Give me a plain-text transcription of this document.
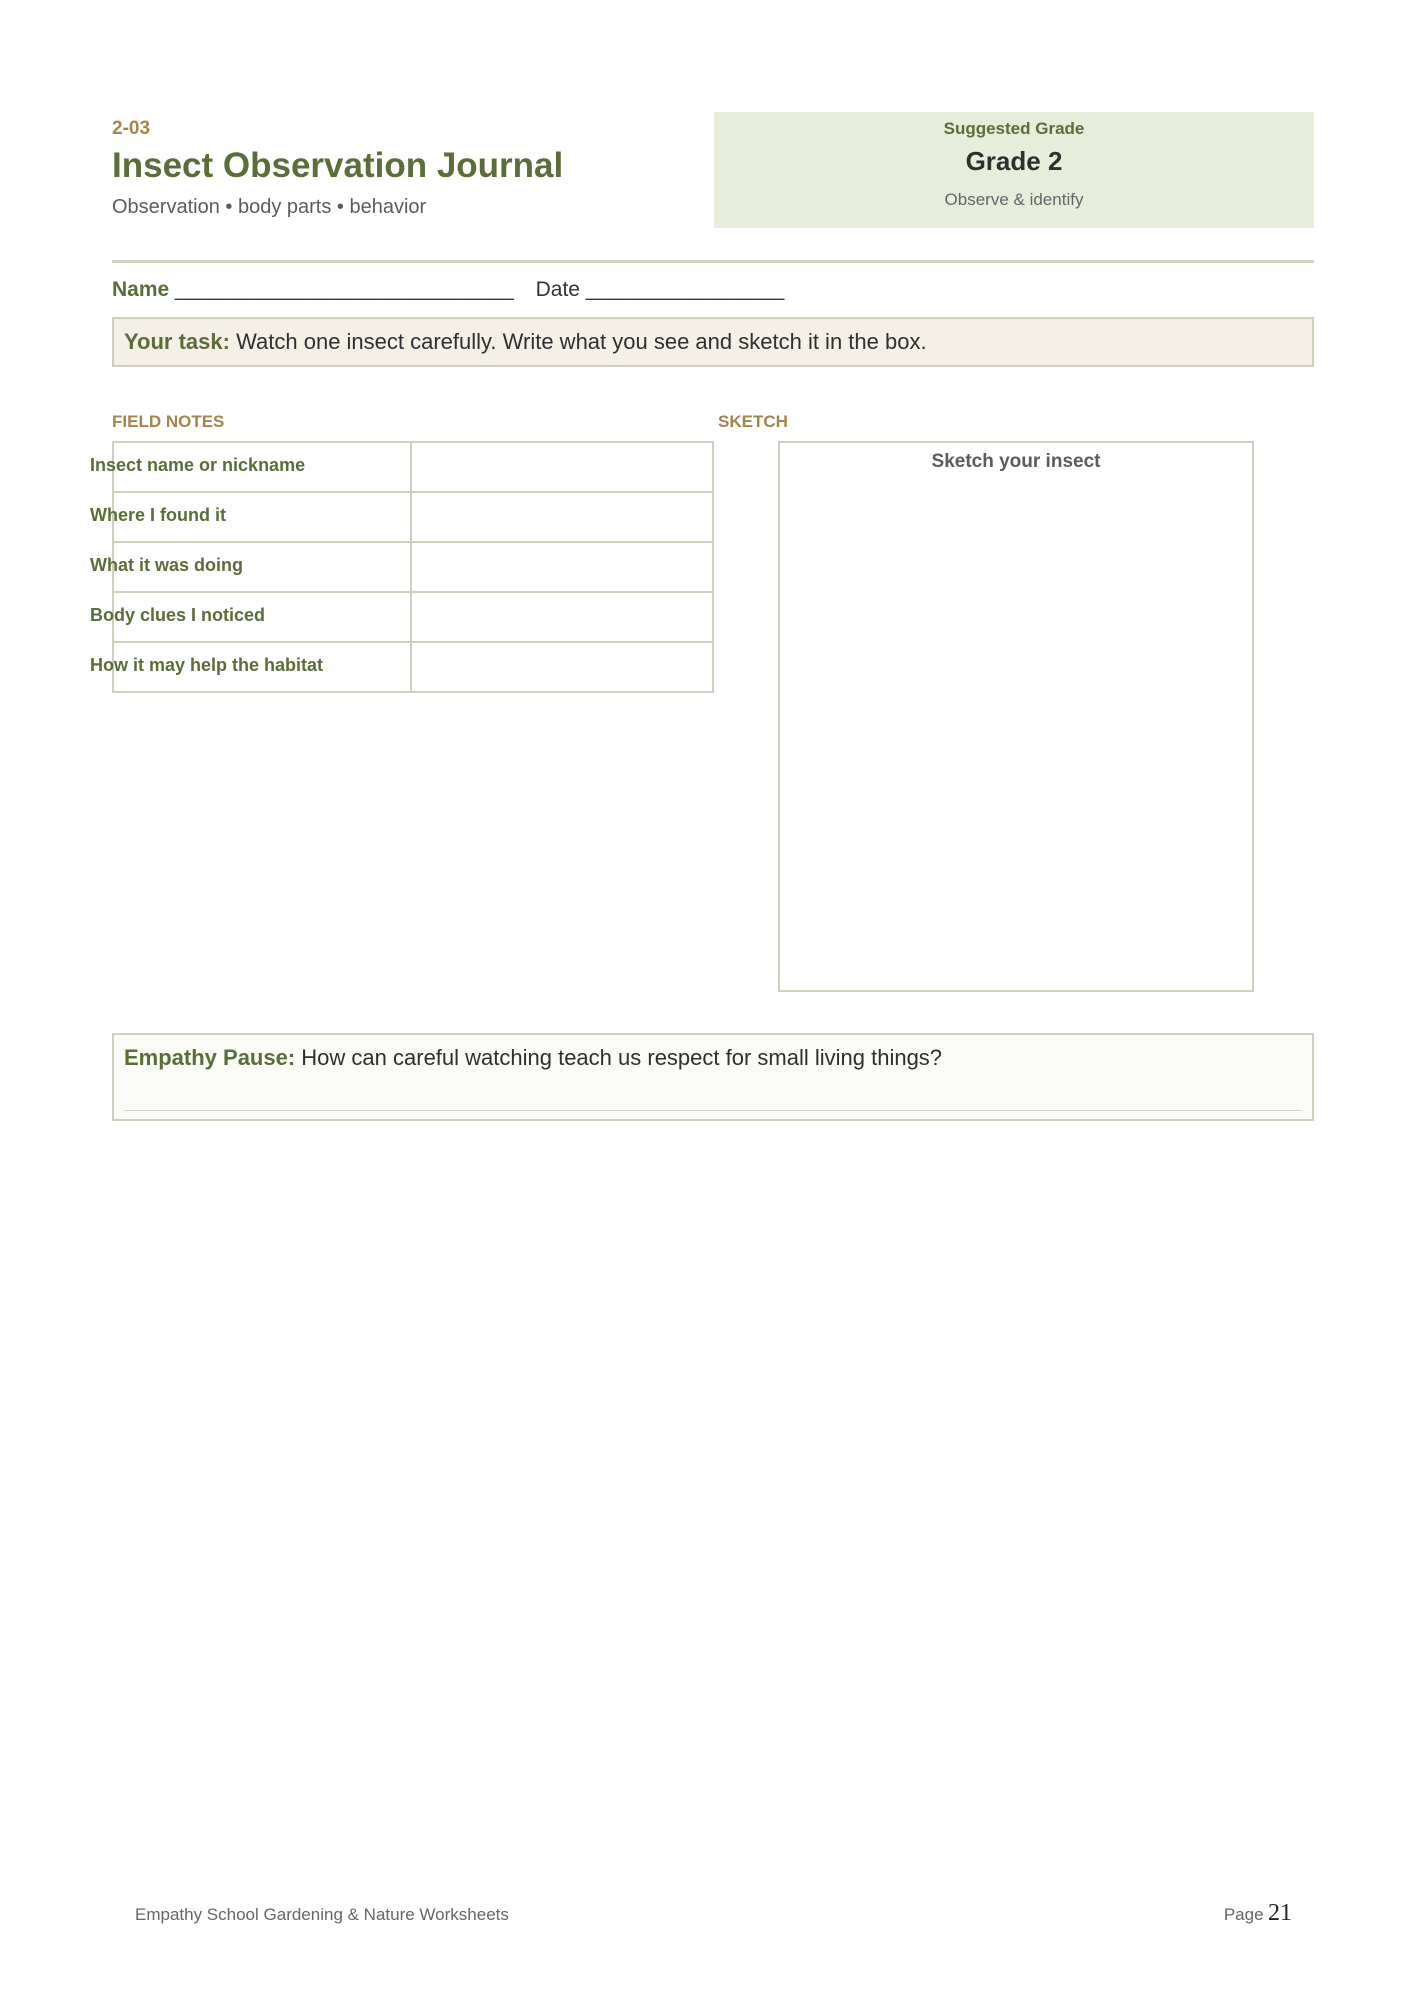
2-03
Insect Observation Journal
Observation • body parts • behavior
Suggested Grade
Grade 2
Observe & identify
Name _____________________________ Date _________________
Your task: Watch one insect carefully. Write what you see and sketch it in the box.
FIELD NOTES	SKETCH
Insect name or nickname	

Where I found it	

What it was doing	

Body clues I noticed	

How it may help the habitat	

Sketch your insect
Empathy Pause: How can careful watching teach us respect for small living things?
Empathy School Gardening & Nature Worksheets	Page 21
